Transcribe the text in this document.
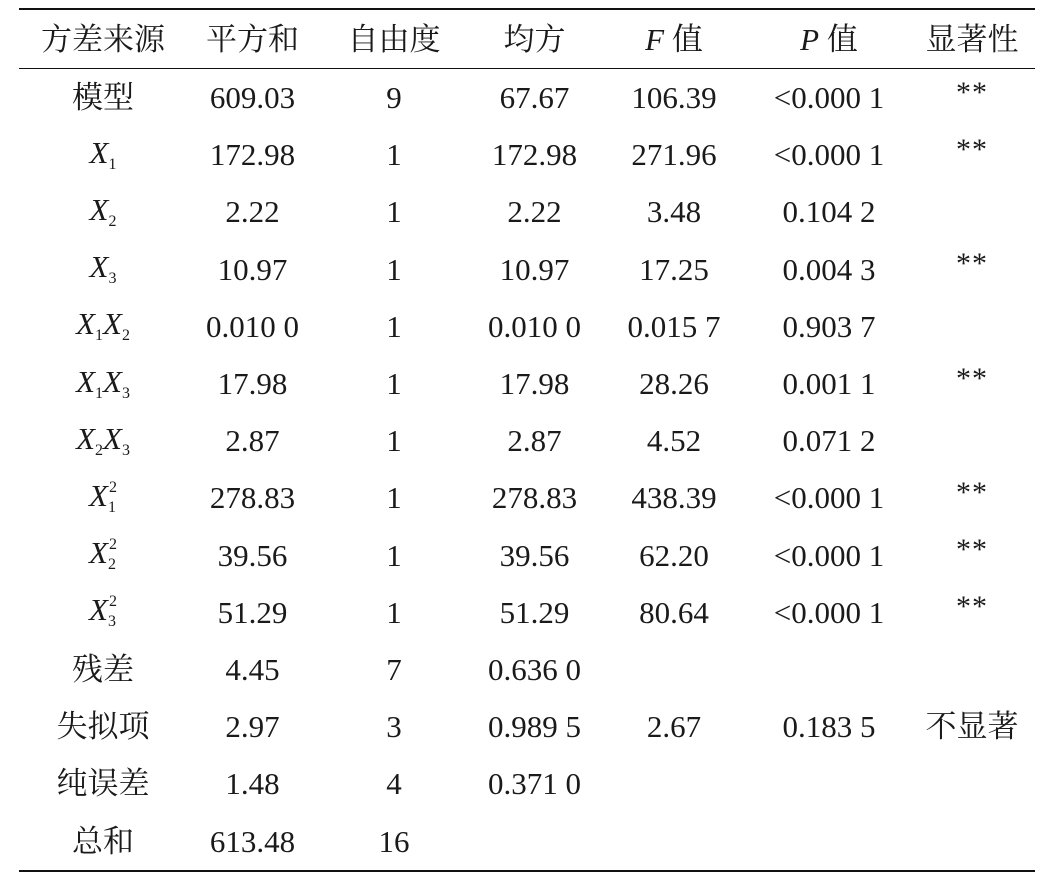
方差来源	平方和	自由度	均方	F 值	P 值	显著性
模型	609.03	9	67.67	106.39	<0.000 1	**
$X_1$	172.98	1	172.98	271.96	<0.000 1	**
$X_2$	2.22	1	2.22	3.48	0.104 2
$X_3$	10.97	1	10.97	17.25	0.004 3	**
$X_1X_2$	0.010 0	1	0.010 0	0.015 7	0.903 7
$X_1X_3$	17.98	1	17.98	28.26	0.001 1	**
$X_2X_3$	2.87	1	2.87	4.52	0.071 2
$X_1^2$	278.83	1	278.83	438.39	<0.000 1	**
$X_2^2$	39.56	1	39.56	62.20	<0.000 1	**
$X_3^2$	51.29	1	51.29	80.64	<0.000 1	**
残差	4.45	7	0.636 0
失拟项	2.97	3	0.989 5	2.67	0.183 5	不显著
纯误差	1.48	4	0.371 0
总和	613.48	16
